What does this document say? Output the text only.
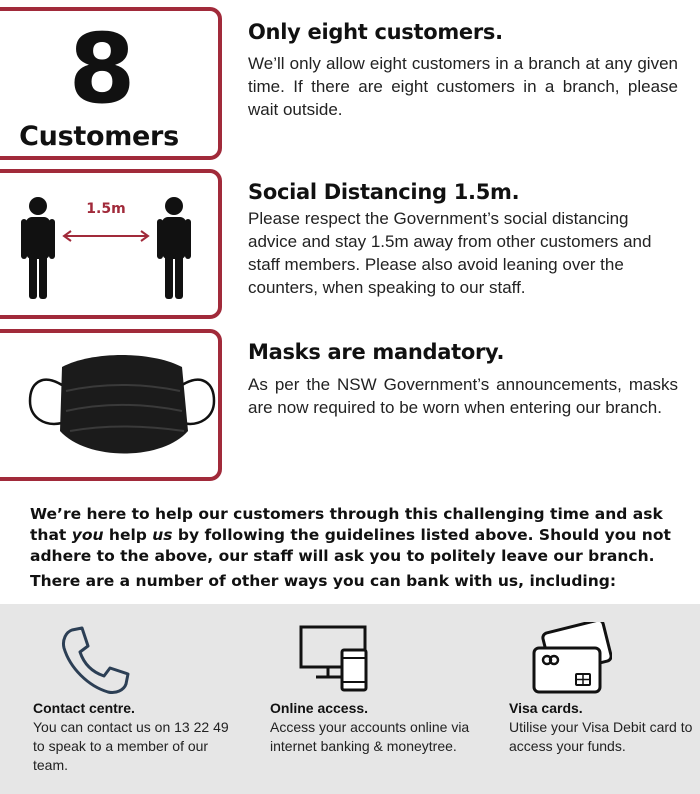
8
Customers
Only eight customers.
We’ll only allow eight customers in a branch at any given time. If there are eight customers in a branch, please wait outside.
1.5m
Social Distancing 1.5m.
Please respect the Government’s social distancing advice and stay 1.5m away from other customers and staff members. Please also avoid leaning over the counters, when speaking to our staff.
Masks are mandatory.
As per the NSW Government’s announcements, masks are now required to be worn when entering our branch.
We’re here to help our customers through this challenging time and ask that you help us by following the guidelines listed above. Should you not adhere to the above, our staff will ask you to politely leave our branch.
There are a number of other ways you can bank with us, including:
Contact centre.
You can contact us on 13 22 49 to speak to a member of our team.
Online access.
Access your accounts online via internet banking & moneytree.
Visa cards.
Utilise your Visa Debit card to access your funds.
